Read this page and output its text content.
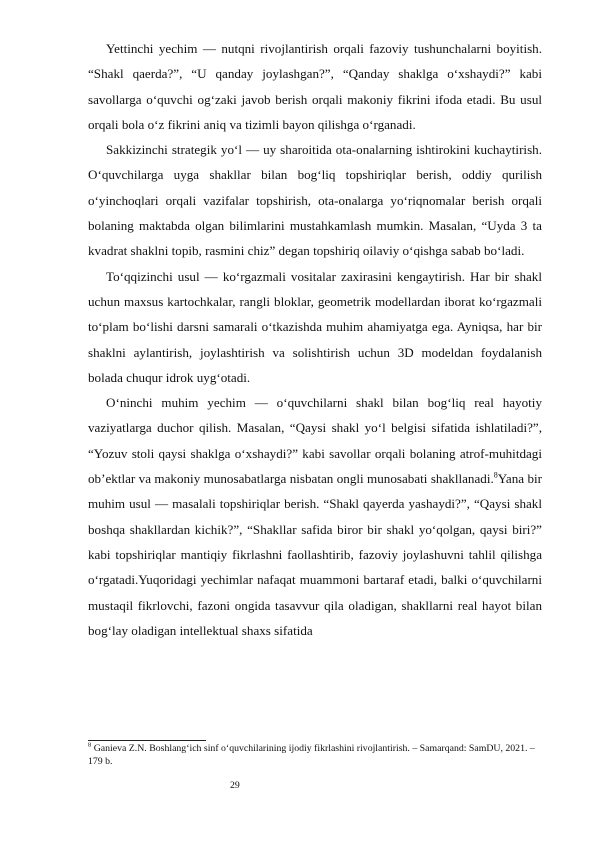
Yettinchi yechim — nutqni rivojlantirish orqali fazoviy tushunchalarni boyitish. “Shakl qaerda?”, “U qanday joylashgan?”, “Qanday shaklga o‘xshaydi?” kabi savollarga o‘quvchi og‘zaki javob berish orqali makoniy fikrini ifoda etadi. Bu usul orqali bola o‘z fikrini aniq va tizimli bayon qilishga o‘rganadi.

Sakkizinchi strategik yo‘l — uy sharoitida ota-onalarning ishtirokini kuchaytirish. O‘quvchilarga uyga shakllar bilan bog‘liq topshiriqlar berish, oddiy qurilish o‘yinchoqlari orqali vazifalar topshirish, ota-onalarga yo‘riqnomalar berish orqali bolaning maktabda olgan bilimlarini mustahkamlash mumkin. Masalan, “Uyda 3 ta kvadrat shaklni topib, rasmini chiz” degan topshiriq oilaviy o‘qishga sabab bo‘ladi.

To‘qqizinchi usul — ko‘rgazmali vositalar zaxirasini kengaytirish. Har bir shakl uchun maxsus kartochkalar, rangli bloklar, geometrik modellardan iborat ko‘rgazmali to‘plam bo‘lishi darsni samarali o‘tkazishda muhim ahamiyatga ega. Ayniqsa, har bir shaklni aylantirish, joylashtirish va solishtirish uchun 3D modeldan foydalanish bolada chuqur idrok uyg‘otadi.

O‘ninchi muhim yechim — o‘quvchilarni shakl bilan bog‘liq real hayotiy vaziyatlarga duchor qilish. Masalan, “Qaysi shakl yo‘l belgisi sifatida ishlatiladi?”, “Yozuv stoli qaysi shaklga o‘xshaydi?” kabi savollar orqali bolaning atrof-muhitdagi ob’ektlar va makoniy munosabatlarga nisbatan ongli munosabati shakllanadi.$^8$Yana bir muhim usul — masalali topshiriqlar berish. “Shakl qayerda yashaydi?”, “Qaysi shakl boshqa shakllardan kichik?”, “Shakllar safida biror bir shakl yo‘qolgan, qaysi biri?” kabi topshiriqlar mantiqiy fikrlashni faollashtirib, fazoviy joylashuvni tahlil qilishga o‘rgatadi.Yuqoridagi yechimlar nafaqat muammoni bartaraf etadi, balki o‘quvchilarni mustaqil fikrlovchi, fazoni ongida tasavvur qila oladigan, shakllarni real hayot bilan bog‘lay oladigan intellektual shaxs sifatida

$^8$ Ganieva Z.N. Boshlang‘ich sinf o‘quvchilarining ijodiy fikrlashini rivojlantirish. – Samarqand: SamDU, 2021. – 179 b.
29
